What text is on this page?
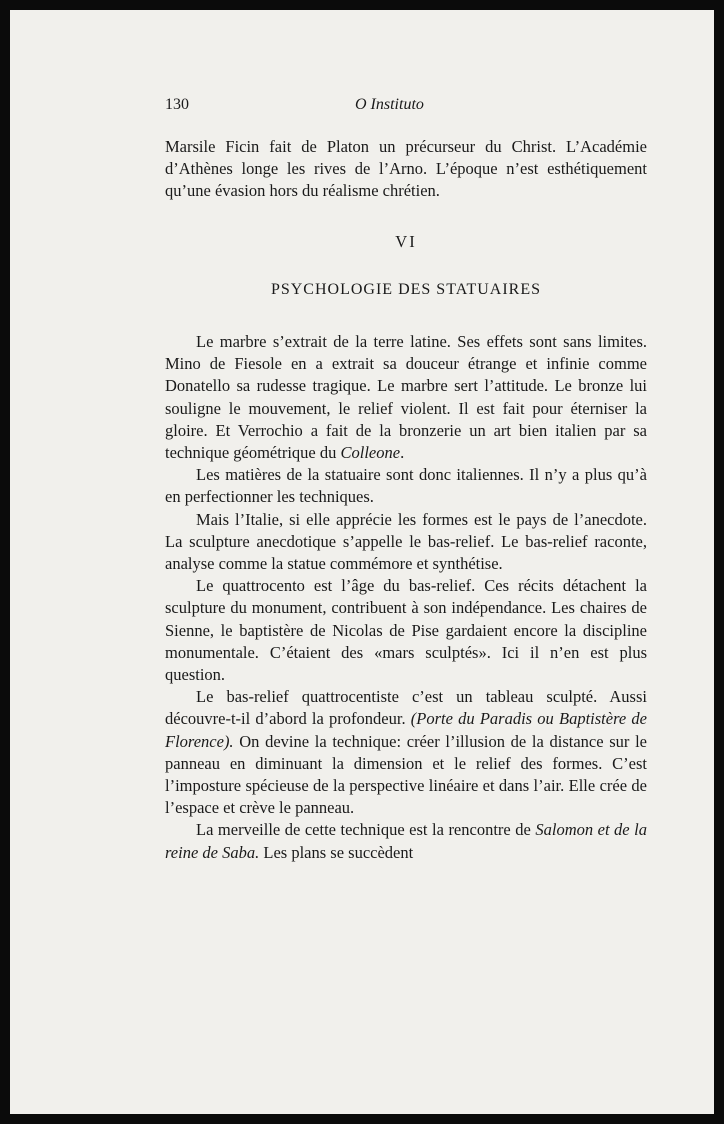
130	O Instituto

Marsile Ficin fait de Platon un précurseur du Christ. L’Académie d’Athènes longe les rives de l’Arno. L’époque n’est esthétiquement qu’une évasion hors du réalisme chrétien.

VI

PSYCHOLOGIE DES STATUAIRES

Le marbre s’extrait de la terre latine. Ses effets sont sans limites. Mino de Fiesole en a extrait sa douceur étrange et infinie comme Donatello sa rudesse tragique. Le marbre sert l’attitude. Le bronze lui souligne le mouvement, le relief violent. Il est fait pour éterniser la gloire. Et Verrochio a fait de la bronzerie un art bien italien par sa technique géométrique du Colleone.

Les matières de la statuaire sont donc italiennes. Il n’y a plus qu’à en perfectionner les techniques.

Mais l’Italie, si elle apprécie les formes est le pays de l’anecdote. La sculpture anecdotique s’appelle le bas-relief. Le bas-relief raconte, analyse comme la statue commémore et synthétise.

Le quattrocento est l’âge du bas-relief. Ces récits détachent la sculpture du monument, contribuent à son indépendance. Les chaires de Sienne, le baptistère de Nicolas de Pise gardaient encore la discipline monumentale. C’étaient des «mars sculptés». Ici il n’en est plus question.

Le bas-relief quattrocentiste c’est un tableau sculpté. Aussi découvre-t-il d’abord la profondeur. (Porte du Paradis ou Baptistère de Florence). On devine la technique: créer l’illusion de la distance sur le panneau en diminuant la dimension et le relief des formes. C’est l’imposture spécieuse de la perspective linéaire et dans l’air. Elle crée de l’espace et crève le panneau.

La merveille de cette technique est la rencontre de Salomon et de la reine de Saba. Les plans se succèdent
